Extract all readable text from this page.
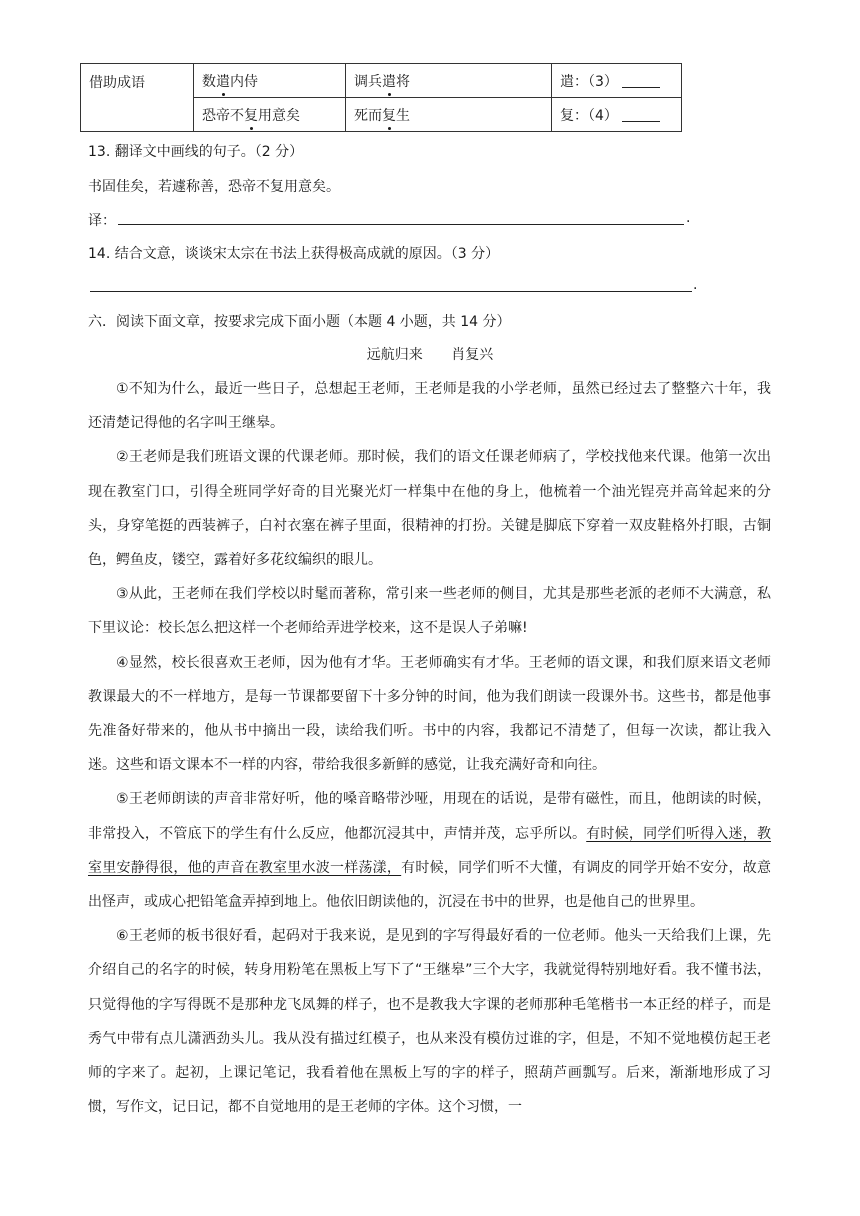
借助成语	数遣内侍	调兵遣将	遣：（3）
	恐帝不复用意矣	死而复生	复：（4）
13. 翻译文中画线的句子。（2 分）
书固佳矣，若遽称善，恐帝不复用意矣。
译：	.
14. 结合文意，谈谈宋太宗在书法上获得极高成就的原因。（3 分）
.
六．阅读下面文章，按要求完成下面小题（本题 4 小题，共 14 分）
远航归来 肖复兴

①不知为什么，最近一些日子，总想起王老师，王老师是我的小学老师，虽然已经过去了整整六十年，我还清楚记得他的名字叫王继皋。

②王老师是我们班语文课的代课老师。那时候，我们的语文任课老师病了，学校找他来代课。他第一次出现在教室门口，引得全班同学好奇的目光聚光灯一样集中在他的身上，他梳着一个油光锃亮并高耸起来的分头，身穿笔挺的西装裤子，白衬衣塞在裤子里面，很精神的打扮。关键是脚底下穿着一双皮鞋格外打眼，古铜色，鳄鱼皮，镂空，露着好多花纹编织的眼儿。

③从此，王老师在我们学校以时髦而著称，常引来一些老师的侧目，尤其是那些老派的老师不大满意，私下里议论：校长怎么把这样一个老师给弄进学校来，这不是误人子弟嘛!

④显然，校长很喜欢王老师，因为他有才华。王老师确实有才华。王老师的语文课，和我们原来语文老师教课最大的不一样地方，是每一节课都要留下十多分钟的时间，他为我们朗读一段课外书。这些书，都是他事先准备好带来的，他从书中摘出一段，读给我们听。书中的内容，我都记不清楚了，但每一次读，都让我入迷。这些和语文课本不一样的内容，带给我很多新鲜的感觉，让我充满好奇和向往。

⑤王老师朗读的声音非常好听，他的嗓音略带沙哑，用现在的话说，是带有磁性，而且，他朗读的时候，非常投入，不管底下的学生有什么反应，他都沉浸其中，声情并茂，忘乎所以。有时候，同学们听得入迷，教室里安静得很，他的声音在教室里水波一样荡漾，有时候，同学们听不大懂，有调皮的同学开始不安分，故意出怪声，或成心把铅笔盒弄掉到地上。他依旧朗读他的，沉浸在书中的世界，也是他自己的世界里。

⑥王老师的板书很好看，起码对于我来说，是见到的字写得最好看的一位老师。他头一天给我们上课，先介绍自己的名字的时候，转身用粉笔在黑板上写下了“王继皋”三个大字，我就觉得特别地好看。我不懂书法，只觉得他的字写得既不是那种龙飞凤舞的样子，也不是教我大字课的老师那种毛笔楷书一本正经的样子，而是秀气中带有点儿潇洒劲头儿。我从没有描过红模子，也从来没有模仿过谁的字，但是，不知不觉地模仿起王老师的字来了。起初，上课记笔记，我看着他在黑板上写的字的样子，照葫芦画瓢写。后来，渐渐地形成了习惯，写作文，记日记，都不自觉地用的是王老师的字体。这个习惯，一
